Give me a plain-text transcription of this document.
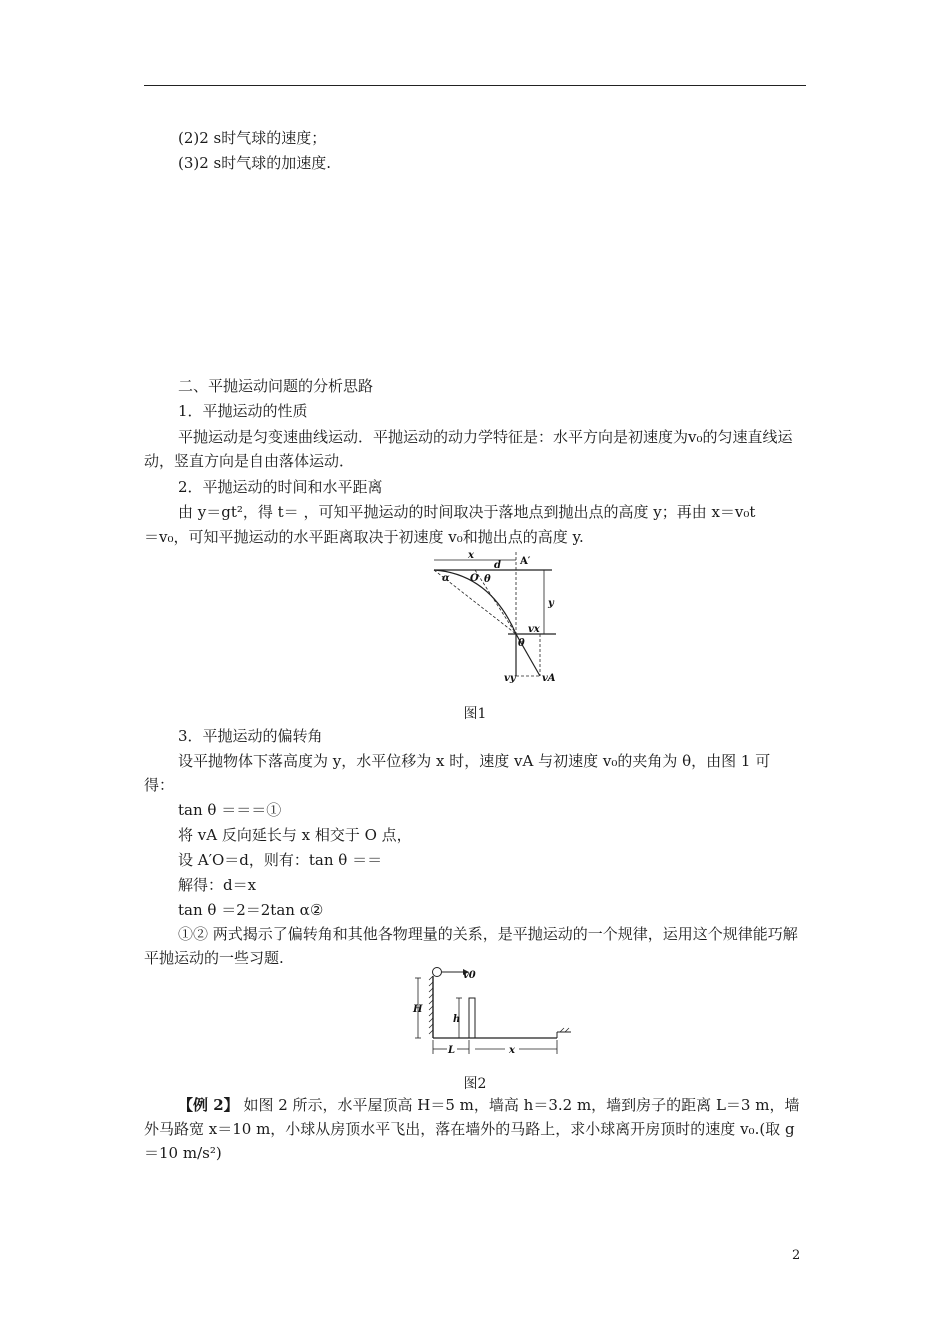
(2)2 s时气球的速度；
(3)2 s时气球的加速度.
二、平抛运动问题的分析思路
1．平抛运动的性质
平抛运动是匀变速曲线运动．平抛运动的动力学特征是：水平方向是初速度为v₀的匀速直线运动，竖直方向是自由落体运动．
2．平抛运动的时间和水平距离
由 y＝gt²，得 t＝ ，可知平抛运动的时间取决于落地点到抛出点的高度 y；再由 x＝v₀t
＝v₀，可知平抛运动的水平距离取决于初速度 v₀和抛出点的高度 y.
x
d A′
O θ
α
y
vx
θ
vy	vA
图1
3．平抛运动的偏转角
设平抛物体下落高度为 y，水平位移为 x 时，速度 vA 与初速度 v₀的夹角为 θ，由图 1 可
得：
tan θ ＝＝＝①
将 vA 反向延长与 x 相交于 O 点，
设 A′O＝d，则有：tan θ ＝＝
解得：d＝x
tan θ ＝2＝2tan α②
①② 两式揭示了偏转角和其他各物理量的关系，是平抛运动的一个规律，运用这个规律能巧解平抛运动的一些习题.
v0
H
h
L	x
图2
【例 2】 如图 2 所示，水平屋顶高 H＝5 m，墙高 h＝3.2 m，墙到房子的距离 L＝3 m，墙外马路宽 x＝10 m，小球从房顶水平飞出，落在墙外的马路上，求小球离开房顶时的速度 v₀.(取 g＝10 m/s²)
2
